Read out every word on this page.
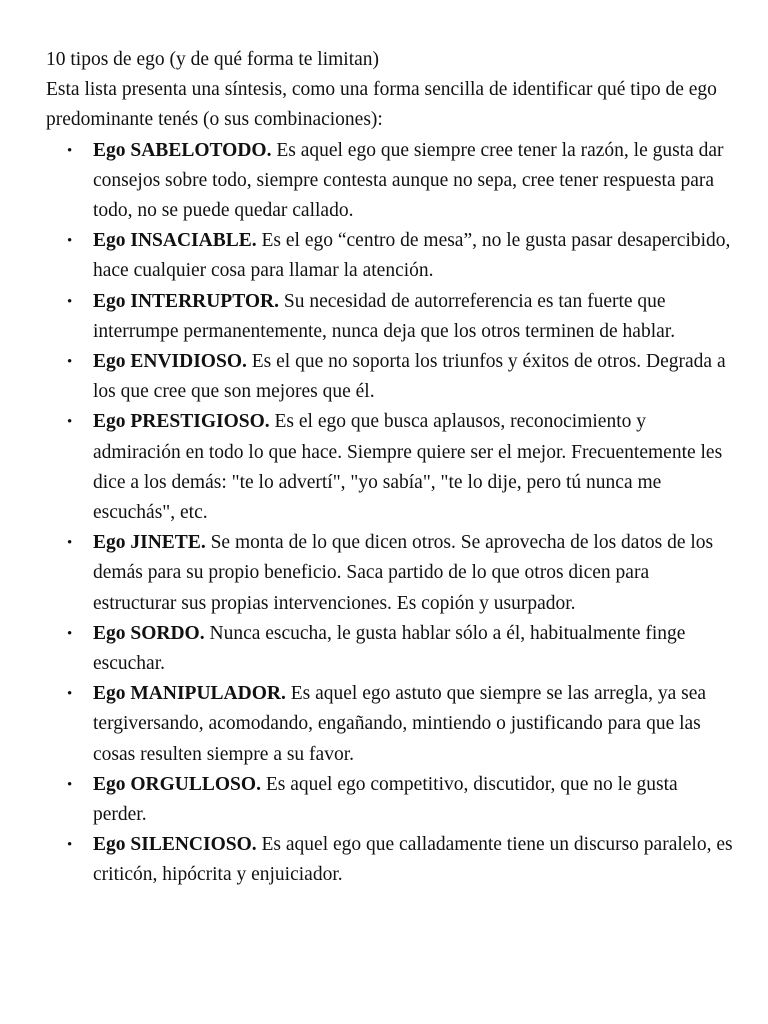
10 tipos de ego (y de qué forma te limitan)

Esta lista presenta una síntesis, como una forma sencilla de identificar qué tipo de ego predominante tenés (o sus combinaciones):

• Ego SABELOTODO. Es aquel ego que siempre cree tener la razón, le gusta dar consejos sobre todo, siempre contesta aunque no sepa, cree tener respuesta para todo, no se puede quedar callado.
• Ego INSACIABLE. Es el ego “centro de mesa”, no le gusta pasar desapercibido, hace cualquier cosa para llamar la atención.
• Ego INTERRUPTOR. Su necesidad de autorreferencia es tan fuerte que interrumpe permanentemente, nunca deja que los otros terminen de hablar.
• Ego ENVIDIOSO. Es el que no soporta los triunfos y éxitos de otros. Degrada a los que cree que son mejores que él.
• Ego PRESTIGIOSO. Es el ego que busca aplausos, reconocimiento y admiración en todo lo que hace. Siempre quiere ser el mejor. Frecuentemente les dice a los demás: "te lo advertí", "yo sabía", "te lo dije, pero tú nunca me escuchás", etc.
• Ego JINETE. Se monta de lo que dicen otros. Se aprovecha de los datos de los demás para su propio beneficio. Saca partido de lo que otros dicen para estructurar sus propias intervenciones. Es copión y usurpador.
• Ego SORDO. Nunca escucha, le gusta hablar sólo a él, habitualmente finge escuchar.
• Ego MANIPULADOR. Es aquel ego astuto que siempre se las arregla, ya sea tergiversando, acomodando, engañando, mintiendo o justificando para que las cosas resulten siempre a su favor.
• Ego ORGULLOSO. Es aquel ego competitivo, discutidor, que no le gusta perder.
• Ego SILENCIOSO. Es aquel ego que calladamente tiene un discurso paralelo, es criticón, hipócrita y enjuiciador.
